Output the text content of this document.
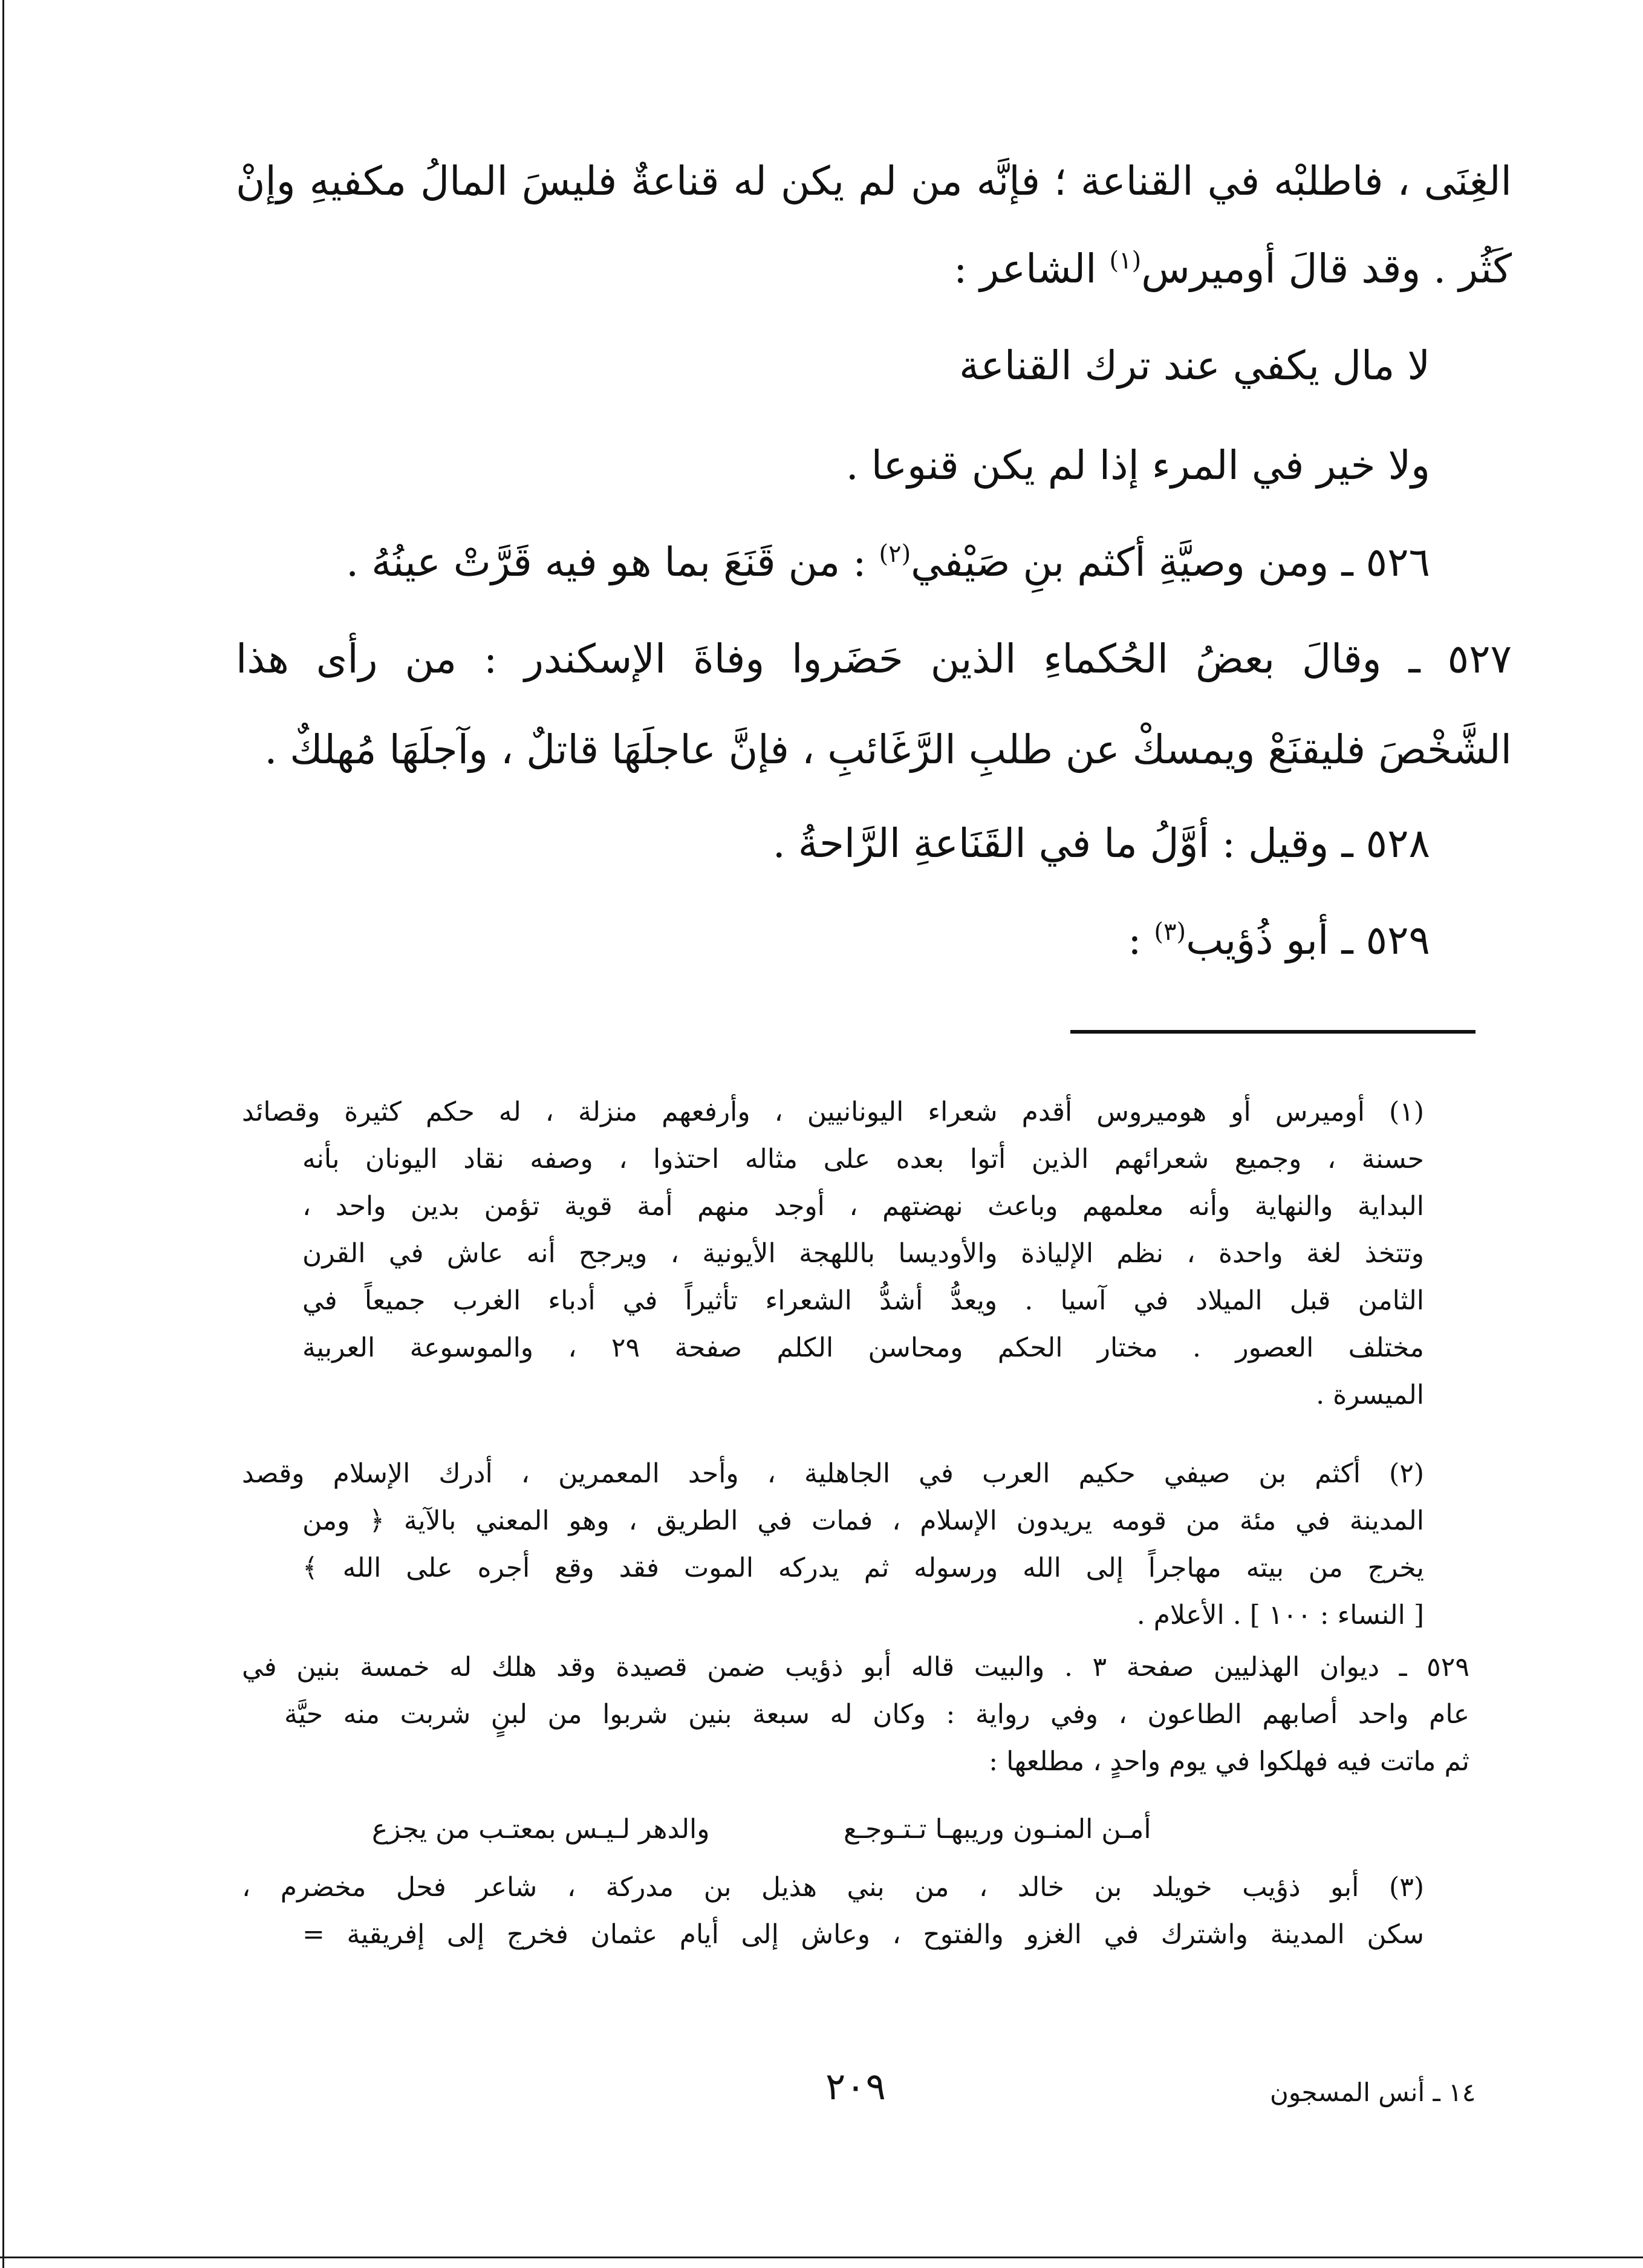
الغِنَى ، فاطلبْه في القناعة ؛ فإنَّه من لم يكن له قناعةٌ فليسَ المالُ مكفيهِ وإنْ
كَثُر . وقد قالَ أوميرس$^{(١)}$ الشاعر :
لا مال يكفي عند ترك القناعة
ولا خير في المرء إذا لم يكن قنوعا .
٥٢٦ ـ ومن وصيَّةِ أكثم بنِ صَيْفي$^{(٢)}$ : من قَنَعَ بما هو فيه قَرَّتْ عينُهُ .
٥٢٧ ـ وقالَ بعضُ الحُكماءِ الذين حَضَروا وفاةَ الإسكندر : من رأى هذا
الشَّخْصَ فليقنَعْ ويمسكْ عن طلبِ الرَّغَائبِ ، فإنَّ عاجلَهَا قاتلٌ ، وآجلَهَا مُهلكٌ .
٥٢٨ ـ وقيل : أوَّلُ ما في القَنَاعةِ الرَّاحةُ .
٥٢٩ ـ أبو ذُؤيب$^{(٣)}$ :
(١) أوميرس أو هوميروس أقدم شعراء اليونانيين ، وأرفعهم منزلة ، له حكم كثيرة وقصائد
حسنة ، وجميع شعرائهم الذين أتوا بعده على مثاله احتذوا ، وصفه نقاد اليونان بأنه
البداية والنهاية وأنه معلمهم وباعث نهضتهم ، أوجد منهم أمة قوية تؤمن بدين واحد ،
وتتخذ لغة واحدة ، نظم الإلياذة والأوديسا باللهجة الأيونية ، ويرجح أنه عاش في القرن
الثامن قبل الميلاد في آسيا . ويعدُّ أشدُّ الشعراء تأثيراً في أدباء الغرب جميعاً في
مختلف العصور . مختار الحكم ومحاسن الكلم صفحة ٢٩ ، والموسوعة العربية
الميسرة .
(٢) أكثم بن صيفي حكيم العرب في الجاهلية ، وأحد المعمرين ، أدرك الإسلام وقصد
المدينة في مئة من قومه يريدون الإسلام ، فمات في الطريق ، وهو المعني بالآية ﴿ ومن
يخرج من بيته مهاجراً إلى الله ورسوله ثم يدركه الموت فقد وقع أجره على الله ﴾
[ النساء : ١٠٠ ] . الأعلام .
٥٢٩ ـ ديوان الهذليين صفحة ٣ . والبيت قاله أبو ذؤيب ضمن قصيدة وقد هلك له خمسة بنين في
عام واحد أصابهم الطاعون ، وفي رواية : وكان له سبعة بنين شربوا من لبنٍ شربت منه حيَّة
ثم ماتت فيه فهلكوا في يوم واحدٍ ، مطلعها :
أمـن المنـون وريبهـا تـتـوجـع
والدهر لـيـس بمعتـب من يجزع
(٣) أبو ذؤيب خويلد بن خالد ، من بني هذيل بن مدركة ، شاعر فحل مخضرم ،
سكن المدينة واشترك في الغزو والفتوح ، وعاش إلى أيام عثمان فخرج إلى إفريقية =
٢٠٩	١٤ ـ أنس المسجون
